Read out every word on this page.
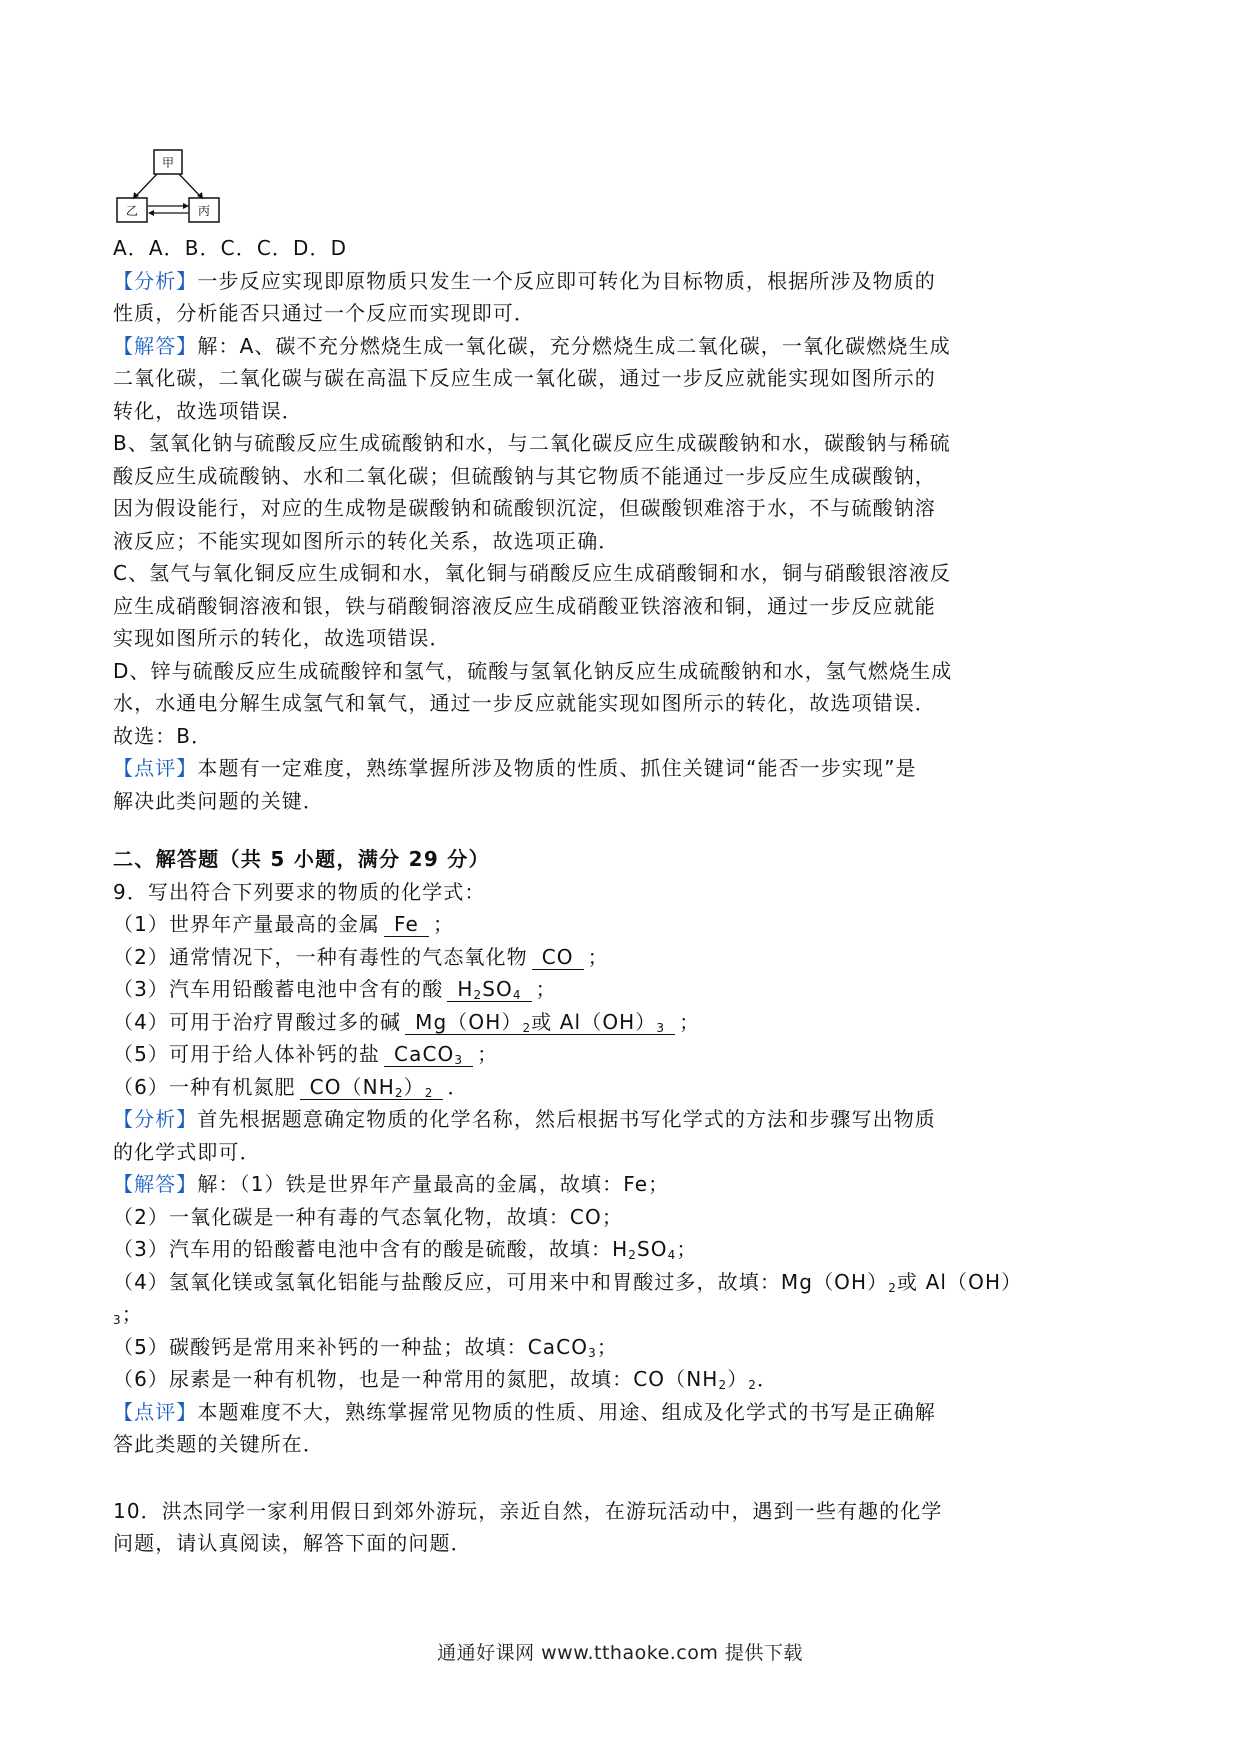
甲
乙	丙
A．A．B．C．C．D．D
【分析】一步反应实现即原物质只发生一个反应即可转化为目标物质，根据所涉及物质的
性质，分析能否只通过一个反应而实现即可．
【解答】解：A、碳不充分燃烧生成一氧化碳，充分燃烧生成二氧化碳，一氧化碳燃烧生成
二氧化碳，二氧化碳与碳在高温下反应生成一氧化碳，通过一步反应就能实现如图所示的
转化，故选项错误．
B、氢氧化钠与硫酸反应生成硫酸钠和水，与二氧化碳反应生成碳酸钠和水，碳酸钠与稀硫
酸反应生成硫酸钠、水和二氧化碳；但硫酸钠与其它物质不能通过一步反应生成碳酸钠，
因为假设能行，对应的生成物是碳酸钠和硫酸钡沉淀，但碳酸钡难溶于水，不与硫酸钠溶
液反应；不能实现如图所示的转化关系，故选项正确．
C、氢气与氧化铜反应生成铜和水，氧化铜与硝酸反应生成硝酸铜和水，铜与硝酸银溶液反
应生成硝酸铜溶液和银，铁与硝酸铜溶液反应生成硝酸亚铁溶液和铜，通过一步反应就能
实现如图所示的转化，故选项错误．
D、锌与硫酸反应生成硫酸锌和氢气，硫酸与氢氧化钠反应生成硫酸钠和水，氢气燃烧生成
水，水通电分解生成氢气和氧气，通过一步反应就能实现如图所示的转化，故选项错误．
故选：B．
【点评】本题有一定难度，熟练掌握所涉及物质的性质、抓住关键词“能否一步实现”是
解决此类问题的关键．
二、解答题（共 5 小题，满分 29 分）
9．写出符合下列要求的物质的化学式：
（1）世界年产量最高的金属 Fe ；
（2）通常情况下，一种有毒性的气态氧化物 CO ；
（3）汽车用铅酸蓄电池中含有的酸 $H_2SO_4$ ；
（4）可用于治疗胃酸过多的碱 $Mg(OH)_2$或 $Al(OH)_3$ ；
（5）可用于给人体补钙的盐 CaCO$_3$ ；
（6）一种有机氮肥 $CO(NH_2)_2$ ．
【分析】首先根据题意确定物质的化学名称，然后根据书写化学式的方法和步骤写出物质
的化学式即可．
【解答】解：（1）铁是世界年产量最高的金属，故填：Fe；
（2）一氧化碳是一种有毒的气态氧化物，故填：CO；
（3）汽车用的铅酸蓄电池中含有的酸是硫酸，故填：$H_2SO_4$；
（4）氢氧化镁或氢氧化铝能与盐酸反应，可用来中和胃酸过多，故填：$Mg(OH)_2$或 Al（OH）
$_3$；
（5）碳酸钙是常用来补钙的一种盐；故填：CaCO$_3$；
（6）尿素是一种有机物，也是一种常用的氮肥，故填：$CO(NH_2)_2$．
【点评】本题难度不大，熟练掌握常见物质的性质、用途、组成及化学式的书写是正确解
答此类题的关键所在．
10．洪杰同学一家利用假日到郊外游玩，亲近自然，在游玩活动中，遇到一些有趣的化学
问题，请认真阅读，解答下面的问题．
通通好课网 www.tthaoke.com 提供下载
